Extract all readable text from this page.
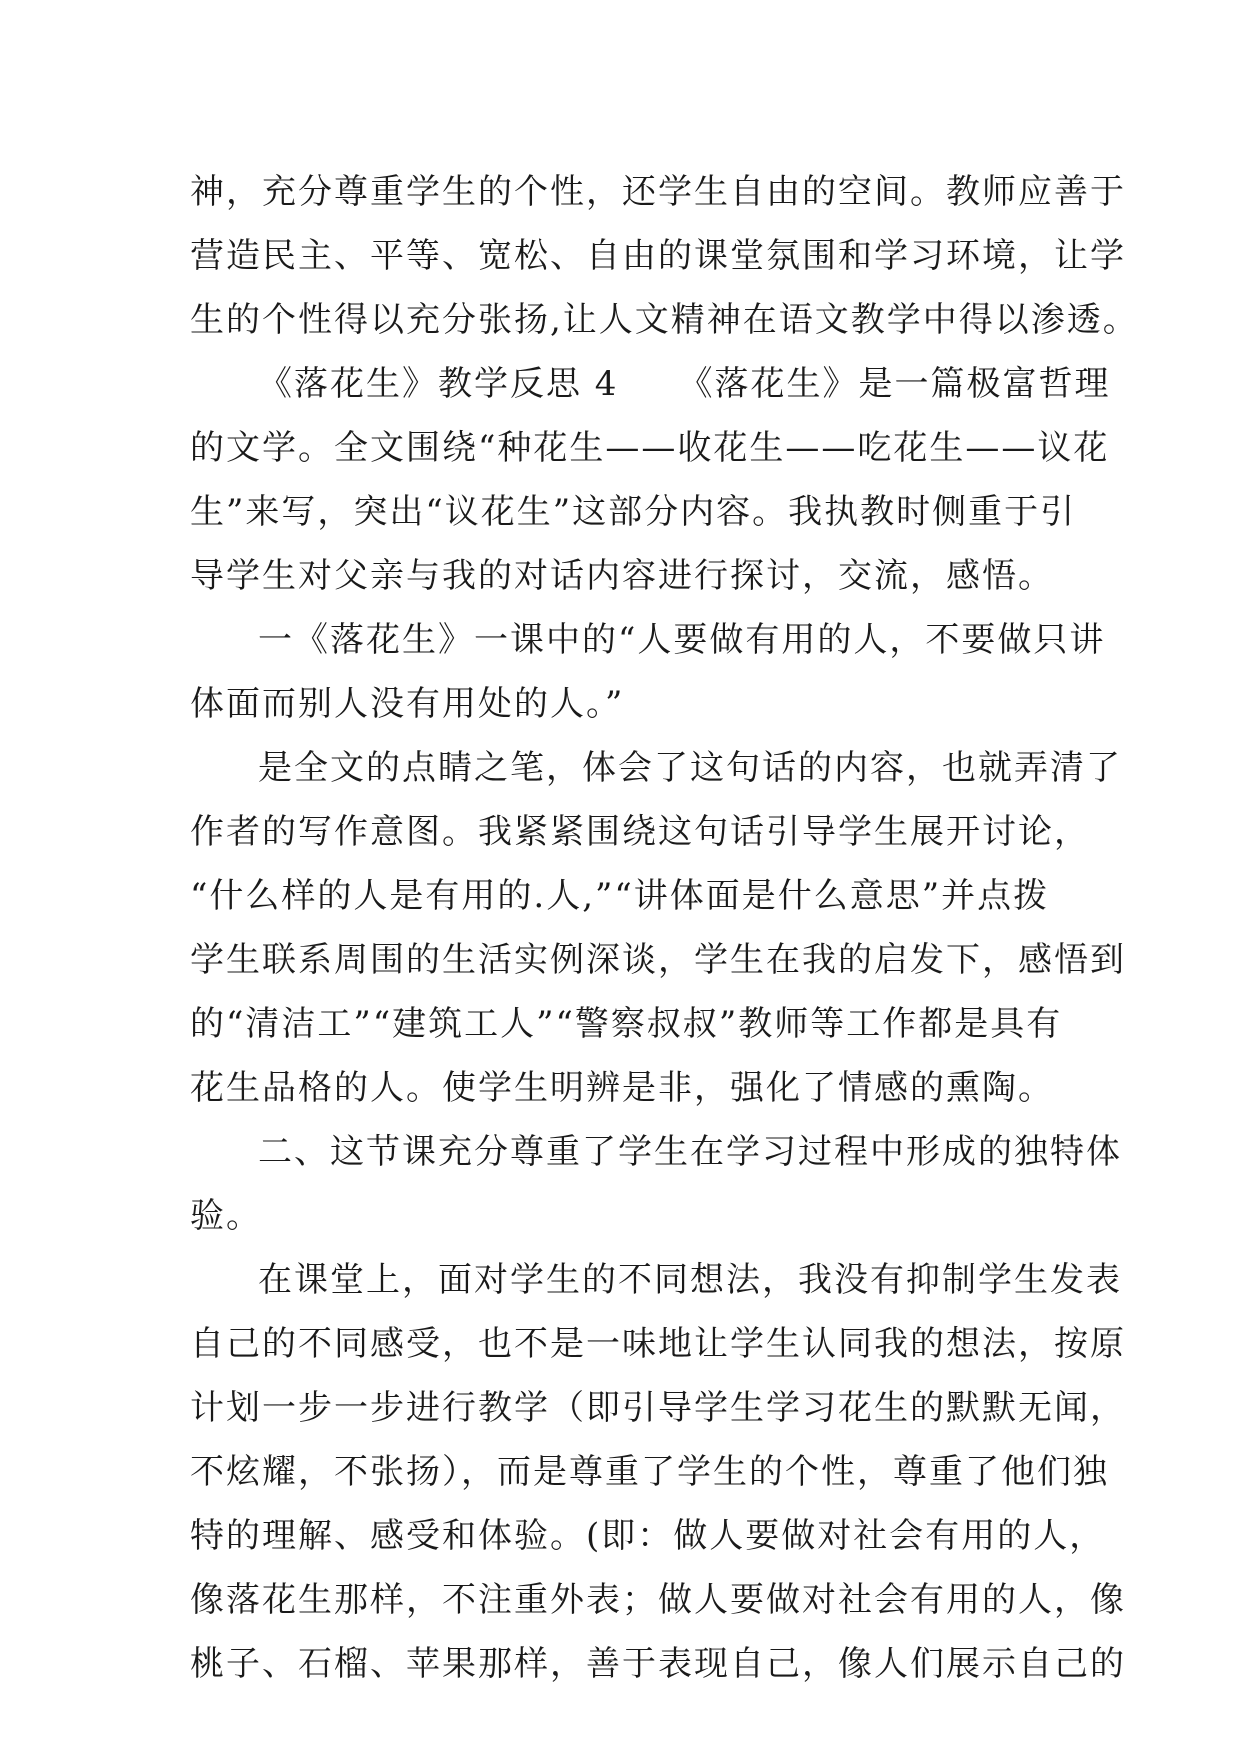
神，充分尊重学生的个性，还学生自由的空间。教师应善于
营造民主、平等、宽松、自由的课堂氛围和学习环境，让学
生的个性得以充分张扬,让人文精神在语文教学中得以渗透。
《落花生》教学反思 4 《落花生》是一篇极富哲理
的文学。全文围绕“种花生——收花生——吃花生——议花
生”来写，突出“议花生”这部分内容。我执教时侧重于引
导学生对父亲与我的对话内容进行探讨，交流，感悟。
一《落花生》一课中的“人要做有用的人，不要做只讲
体面而别人没有用处的人。”
是全文的点睛之笔，体会了这句话的内容，也就弄清了
作者的写作意图。我紧紧围绕这句话引导学生展开讨论，
“什么样的人是有用的.人,”“讲体面是什么意思”并点拨
学生联系周围的生活实例深谈，学生在我的启发下，感悟到
的“清洁工”“建筑工人”“警察叔叔”教师等工作都是具有
花生品格的人。使学生明辨是非，强化了情感的熏陶。
二、这节课充分尊重了学生在学习过程中形成的独特体
验。
在课堂上，面对学生的不同想法，我没有抑制学生发表
自己的不同感受，也不是一味地让学生认同我的想法，按原
计划一步一步进行教学（即引导学生学习花生的默默无闻，
不炫耀，不张扬），而是尊重了学生的个性，尊重了他们独
特的理解、感受和体验。(即：做人要做对社会有用的人，
像落花生那样，不注重外表；做人要做对社会有用的人，像
桃子、石榴、苹果那样，善于表现自己，像人们展示自己的
